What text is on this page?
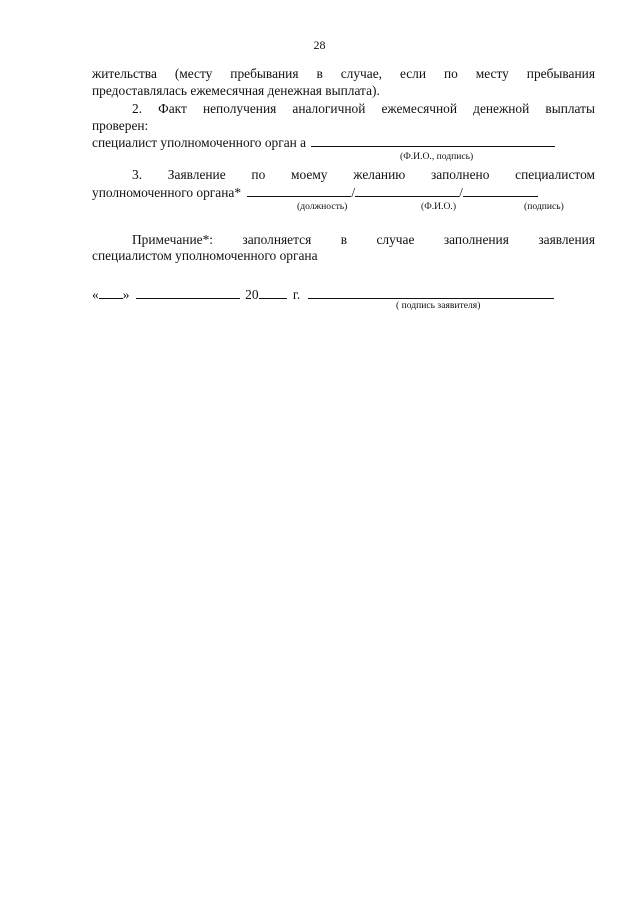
28
жительства (месту пребывания в случае, если по месту пребывания
предоставлялась ежемесячная денежная выплата).
2. Факт неполучения аналогичной ежемесячной денежной выплаты
проверен:
специалист уполномоченного орган а
(Ф.И.О., подпись)
3. Заявление по моему желанию заполнено специалистом
уполномоченного органа*	/	/
(должность)	(Ф.И.О.)	(подпись)
Примечание*: заполняется в случае заполнения заявления
специалистом уполномоченного органа
« »	20	г.
( подпись заявителя)
